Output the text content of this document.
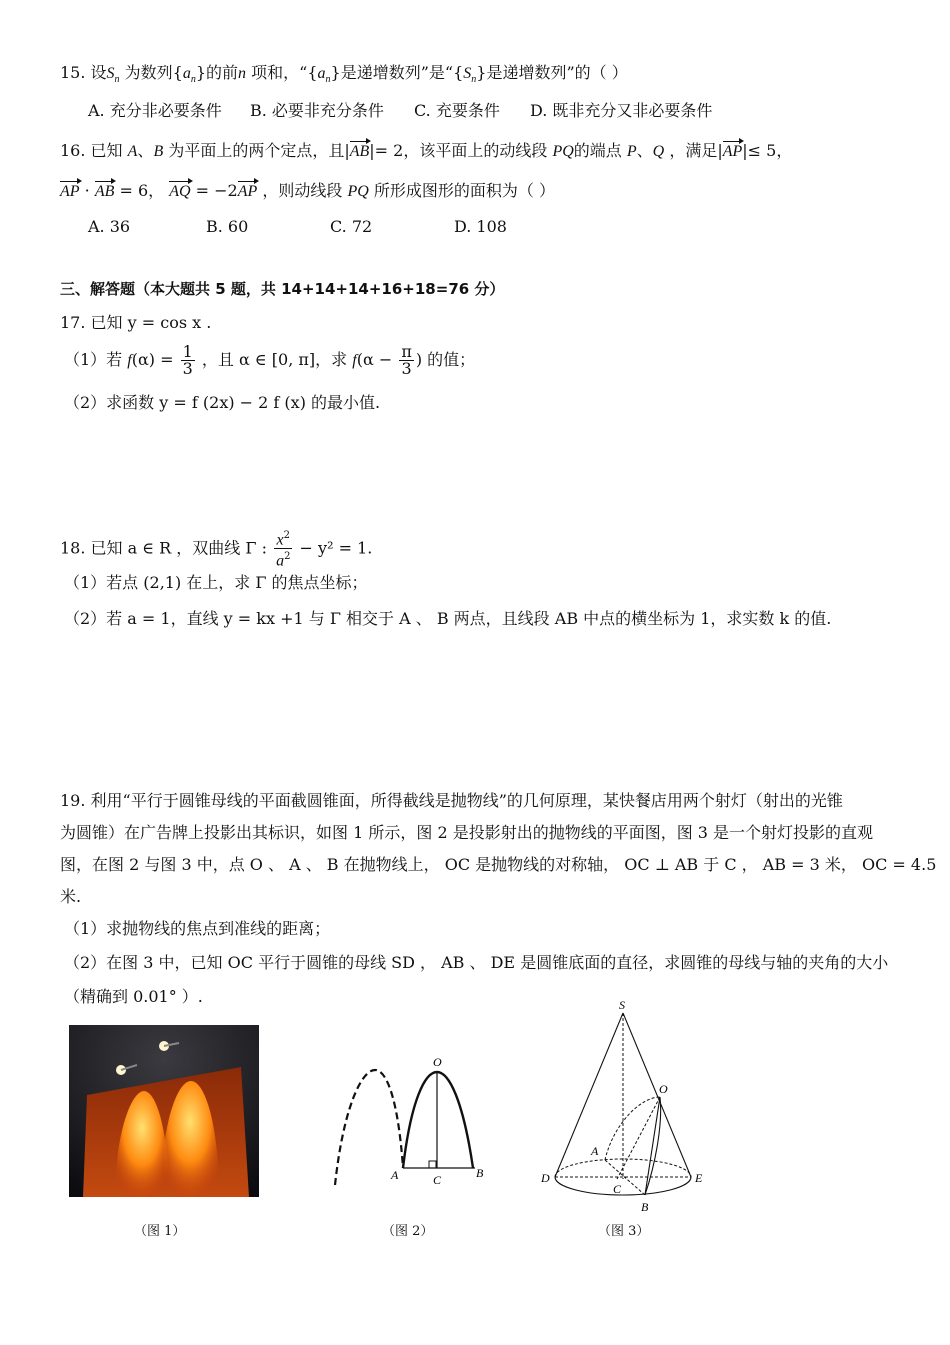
15. 设$S_n$ 为数列$\{a_n\}$的前n 项和，“$\{a_n\}$是递增数列”是“$\{S_n\}$是递增数列”的（ ）
A. 充分非必要条件 B. 必要非充分条件 C. 充要条件 D. 既非充分又非必要条件
16. 已知 A、B 为平面上的两个定点，且|AB|= 2，该平面上的动线段 PQ的端点 P、Q ，满足|AP|≤ 5，
AP · AB = 6， AQ = −2AP ，则动线段 PQ 所形成图形的面积为（ ）
A. 36	B. 60	C. 72	D. 108
三、解答题（本大题共 5 题，共 14+14+14+16+18=76 分）
17. 已知 y = cos x .
（1）若 $f(\alpha) = \frac{1}{3}$ ，且 α ∈ [0, π]，求 $f(\alpha - \frac{\pi}{3}$ ) 的值；
（2）求函数 y = f (2x) − 2 f (x) 的最小值.
18. 已知 a ∈ R ，双曲线 Γ : $\frac{x^2}{a^2} - y^2 = 1$.
（1）若点 (2,1) 在上，求 Γ 的焦点坐标；
（2）若 a = 1，直线 y = kx +1 与 Γ 相交于 A 、 B 两点，且线段 AB 中点的横坐标为 1，求实数 k 的值.
19. 利用“平行于圆锥母线的平面截圆锥面，所得截线是抛物线”的几何原理，某快餐店用两个射灯（射出的光锥
为圆锥）在广告牌上投影出其标识，如图 1 所示，图 2 是投影射出的抛物线的平面图，图 3 是一个射灯投影的直观
图，在图 2 与图 3 中，点 O 、 A 、 B 在抛物线上， OC 是抛物线的对称轴， OC ⊥ AB 于 C ， AB = 3 米， OC = 4.5
米.
（1）求抛物线的焦点到准线的距离；
（2）在图 3 中，已知 OC 平行于圆锥的母线 SD ， AB 、 DE 是圆锥底面的直径，求圆锥的母线与轴的夹角的大小
（精确到 0.01° ）.
（图 1）
O
A	B
C
（图 2）
S
O
A
B
C
D	E
（图 3）
